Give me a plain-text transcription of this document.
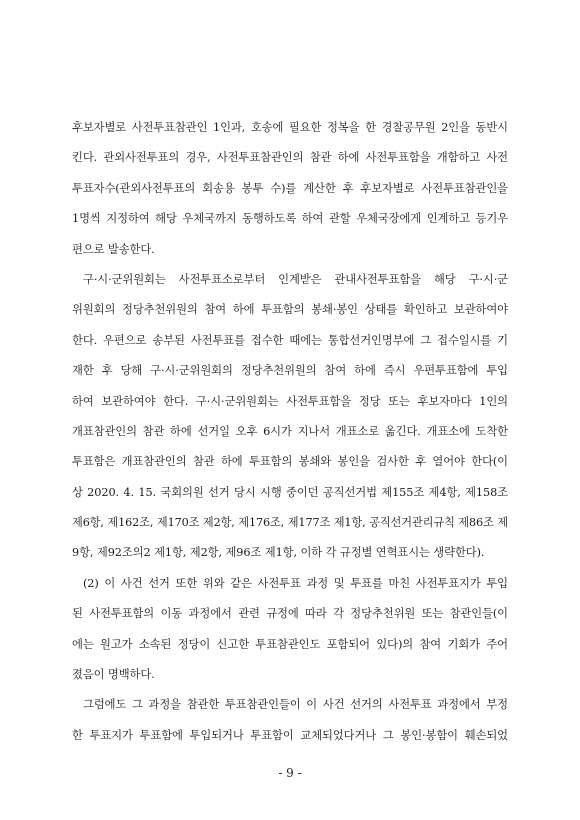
후보자별로 사전투표참관인 1인과, 호송에 필요한 정복을 한 경찰공무원 2인을 동반시
킨다. 관외사전투표의 경우, 사전투표참관인의 참관 하에 사전투표함을 개함하고 사전
투표자수(관외사전투표의 회송용 봉투 수)를 계산한 후 후보자별로 사전투표참관인을
1명씩 지정하여 해당 우체국까지 동행하도록 하여 관할 우체국장에게 인계하고 등기우
편으로 발송한다.
구·시·군위원회는 사전투표소로부터 인계받은 관내사전투표함을 해당 구·시·군
위원회의 정당추천위원의 참여 하에 투표함의 봉쇄·봉인 상태를 확인하고 보관하여야
한다. 우편으로 송부된 사전투표를 접수한 때에는 통합선거인명부에 그 접수일시를 기
재한 후 당해 구·시·군위원회의 정당추천위원의 참여 하에 즉시 우편투표함에 투입
하여 보관하여야 한다. 구·시·군위원회는 사전투표함을 정당 또는 후보자마다 1인의
개표참관인의 참관 하에 선거일 오후 6시가 지나서 개표소로 옮긴다. 개표소에 도착한
투표함은 개표참관인의 참관 하에 투표함의 봉쇄와 봉인을 검사한 후 열어야 한다(이
상 2020. 4. 15. 국회의원 선거 당시 시행 중이던 공직선거법 제155조 제4항, 제158조
제6항, 제162조, 제170조 제2항, 제176조, 제177조 제1항, 공직선거관리규칙 제86조 제
9항, 제92조의2 제1항, 제2항, 제96조 제1항, 이하 각 규정별 연혁표시는 생략한다).
(2) 이 사건 선거 또한 위와 같은 사전투표 과정 및 투표를 마친 사전투표지가 투입
된 사전투표함의 이동 과정에서 관련 규정에 따라 각 정당추천위원 또는 참관인들(이
에는 원고가 소속된 정당이 신고한 투표참관인도 포함되어 있다)의 참여 기회가 주어
졌음이 명백하다.
그럼에도 그 과정을 참관한 투표참관인들이 이 사건 선거의 사전투표 과정에서 부정
한 투표지가 투표함에 투입되거나 투표함이 교체되었다거나 그 봉인·봉함이 훼손되었
- 9 -
